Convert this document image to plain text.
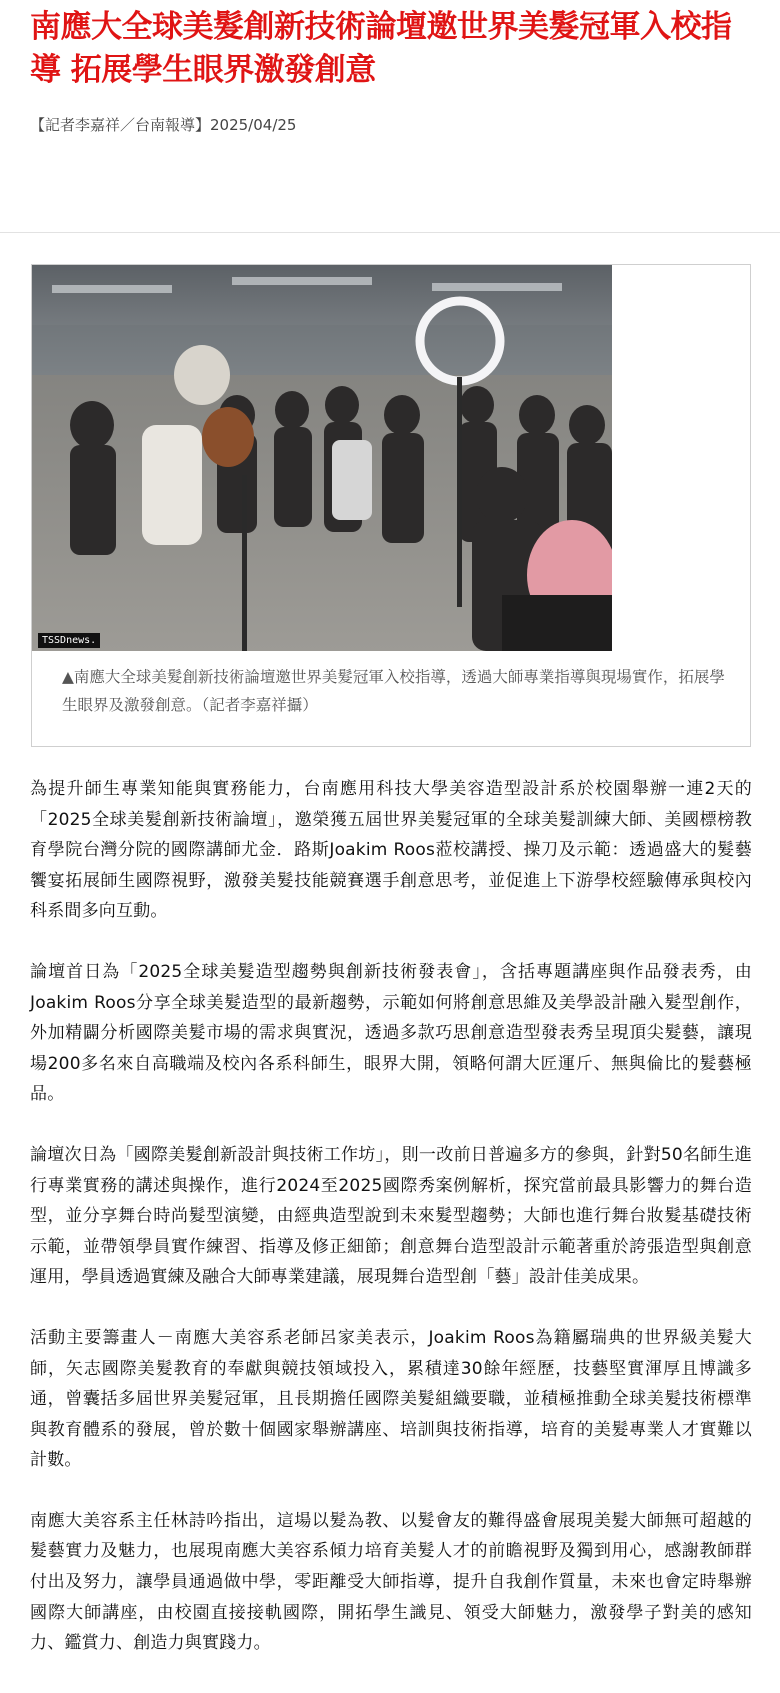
南應大全球美髮創新技術論壇邀世界美髮冠軍入校指導 拓展學生眼界激發創意
【記者李嘉祥／台南報導】2025/04/25
TSSDnews.
▲南應大全球美髮創新技術論壇邀世界美髮冠軍入校指導，透過大師專業指導與現場實作，拓展學生眼界及激發創意。（記者李嘉祥攝）

為提升師生專業知能與實務能力，台南應用科技大學美容造型設計系於校園舉辦一連2天的「2025全球美髮創新技術論壇」，邀榮獲五屆世界美髮冠軍的全球美髮訓練大師、美國標榜教育學院台灣分院的國際講師尤金．路斯Joakim Roos蒞校講授、操刀及示範：透過盛大的髮藝饗宴拓展師生國際視野，激發美髮技能競賽選手創意思考，並促進上下游學校經驗傳承與校內科系間多向互動。

論壇首日為「2025全球美髮造型趨勢與創新技術發表會」，含括專題講座與作品發表秀，由Joakim Roos分享全球美髮造型的最新趨勢，示範如何將創意思維及美學設計融入髮型創作，外加精闢分析國際美髮市場的需求與實況，透過多款巧思創意造型發表秀呈現頂尖髮藝，讓現場200多名來自高職端及校內各系科師生，眼界大開，領略何謂大匠運斤、無與倫比的髮藝極品。

論壇次日為「國際美髮創新設計與技術工作坊」，則一改前日普遍多方的參與，針對50名師生進行專業實務的講述與操作，進行2024至2025國際秀案例解析，探究當前最具影響力的舞台造型，並分享舞台時尚髮型演變，由經典造型說到未來髮型趨勢；大師也進行舞台妝髮基礎技術示範，並帶領學員實作練習、指導及修正細節；創意舞台造型設計示範著重於誇張造型與創意運用，學員透過實練及融合大師專業建議，展現舞台造型創「藝」設計佳美成果。

活動主要籌畫人－南應大美容系老師呂家美表示，Joakim Roos為籍屬瑞典的世界級美髮大師，矢志國際美髮教育的奉獻與競技領域投入，累積達30餘年經歷，技藝堅實渾厚且博識多通，曾囊括多屆世界美髮冠軍，且長期擔任國際美髮組織要職，並積極推動全球美髮技術標準與教育體系的發展，曾於數十個國家舉辦講座、培訓與技術指導，培育的美髮專業人才實難以計數。

南應大美容系主任林詩吟指出，這場以髮為教、以髮會友的難得盛會展現美髮大師無可超越的髮藝實力及魅力，也展現南應大美容系傾力培育美髮人才的前瞻視野及獨到用心，感謝教師群付出及努力，讓學員通過做中學，零距離受大師指導，提升自我創作質量，未來也會定時舉辦國際大師講座，由校園直接接軌國際，開拓學生識見、領受大師魅力，激發學子對美的感知力、鑑賞力、創造力與實踐力。
